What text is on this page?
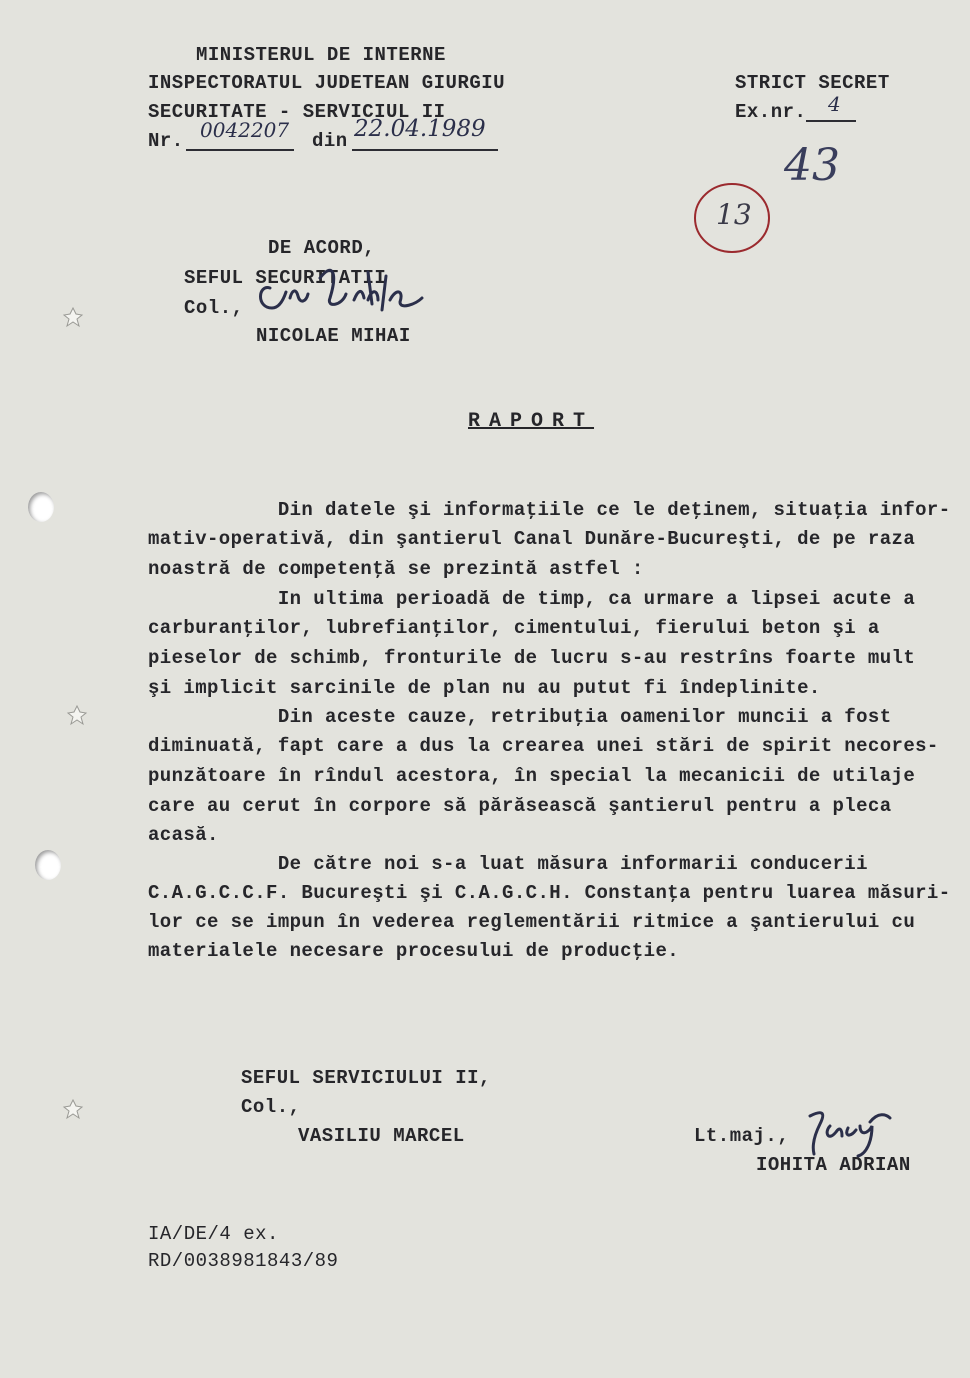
MINISTERUL DE INTERNE
INSPECTORATUL JUDETEAN GIURGIU
SECURITATE - SERVICIUL II
Nr. 0042207 din 22.04.1989
STRICT SECRET
Ex.nr. 4
43
13
DE ACORD,
SEFUL SECURITATII
Col.,
NICOLAE MIHAI
RAPORT
Din datele şi informaţiile ce le deţinem, situaţia infor-
mativ-operativă, din şantierul Canal Dunăre-Bucureşti, de pe raza
noastră de competenţă se prezintă astfel :
In ultima perioadă de timp, ca urmare a lipsei acute a
carburanţilor, lubrefianţilor, cimentului, fierului beton şi a
pieselor de schimb, fronturile de lucru s-au restrîns foarte mult
şi implicit sarcinile de plan nu au putut fi îndeplinite.
Din aceste cauze, retribuţia oamenilor muncii a fost
diminuată, fapt care a dus la crearea unei stări de spirit necores-
punzătoare în rîndul acestora, în special la mecanicii de utilaje
care au cerut în corpore să părăsească şantierul pentru a pleca
acasă.
De către noi s-a luat măsura informarii conducerii
C.A.G.C.C.F. Bucureşti şi C.A.G.C.H. Constanţa pentru luarea măsuri-
lor ce se impun în vederea reglementării ritmice a şantierului cu
materialele necesare procesului de producţie.
SEFUL SERVICIULUI II,
Col.,
VASILIU MARCEL	Lt.maj.,
IOHITA ADRIAN
IA/DE/4 ex.
RD/0038981843/89
